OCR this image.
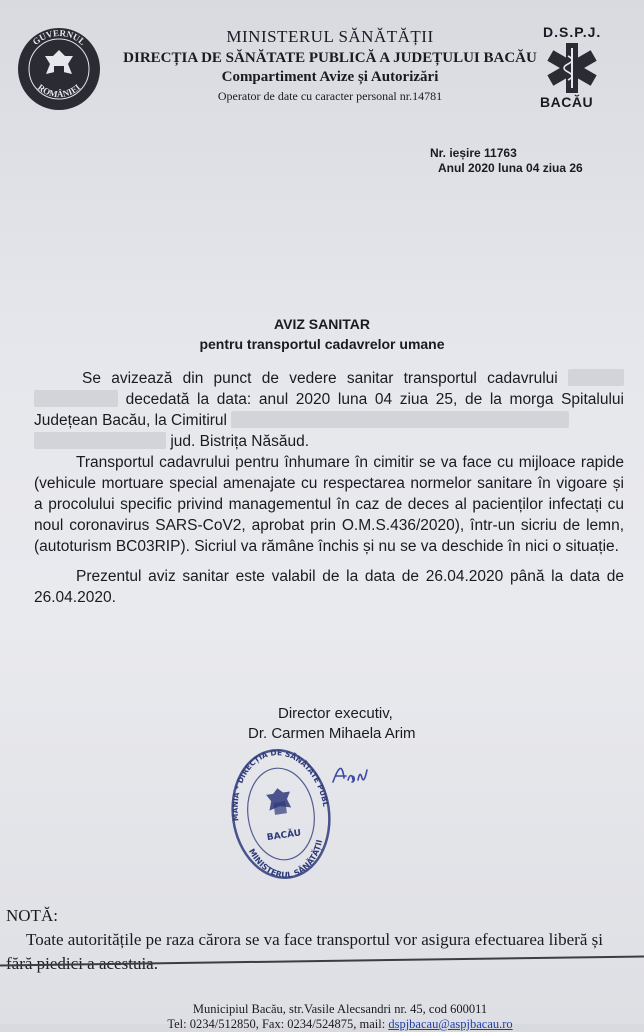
GUVERNUL
ROMÂNIEI
MINISTERUL SĂNĂTĂȚII
DIRECȚIA DE SĂNĂTATE PUBLICĂ A JUDEȚULUI BACĂU
Compartiment Avize și Autorizări
Operator de date cu caracter personal nr.14781
D.S.P.J.
BACĂU
Nr. ieșire 11763
Anul 2020 luna 04 ziua 26
AVIZ SANITAR
pentru transportul cadavrelor umane
Se avizează din punct de vedere sanitar transportul cadavrului
decedată la data: anul 2020 luna 04 ziua 25, de la morga Spitalului
Județean Bacău, la Cimitirul
jud. Bistrița Năsăud.
Transportul cadavrului pentru înhumare în cimitir se va face cu mijloace rapide (vehicule mortuare special amenajate cu respectarea normelor sanitare în vigoare și a procolului specific privind managementul în caz de deces al pacienților infectați cu noul coronavirus SARS-CoV2, aprobat prin O.M.S.436/2020), într-un sicriu de lemn, (autoturism BC03RIP). Sicriul va rămâne închis și nu se va deschide în nici o situație.
Prezentul aviz sanitar este valabil de la data de 26.04.2020 până la data de 26.04.2020.
Director executiv,
Dr. Carmen Mihaela Arim
ROMANIA * DIRECȚIA DE SĂNĂTATE PUBLICĂ
MINISTERUL SĂNĂTĂȚII
BACĂU
NOTĂ:
Toate autoritățile pe raza cărora se va face transportul vor asigura efectuarea liberă și
Municipiul Bacău, str.Vasile Alecsandri nr. 45, cod 600011
Tel: 0234/512850, Fax: 0234/524875, mail: dspjbacau@aspjbacau.ro
